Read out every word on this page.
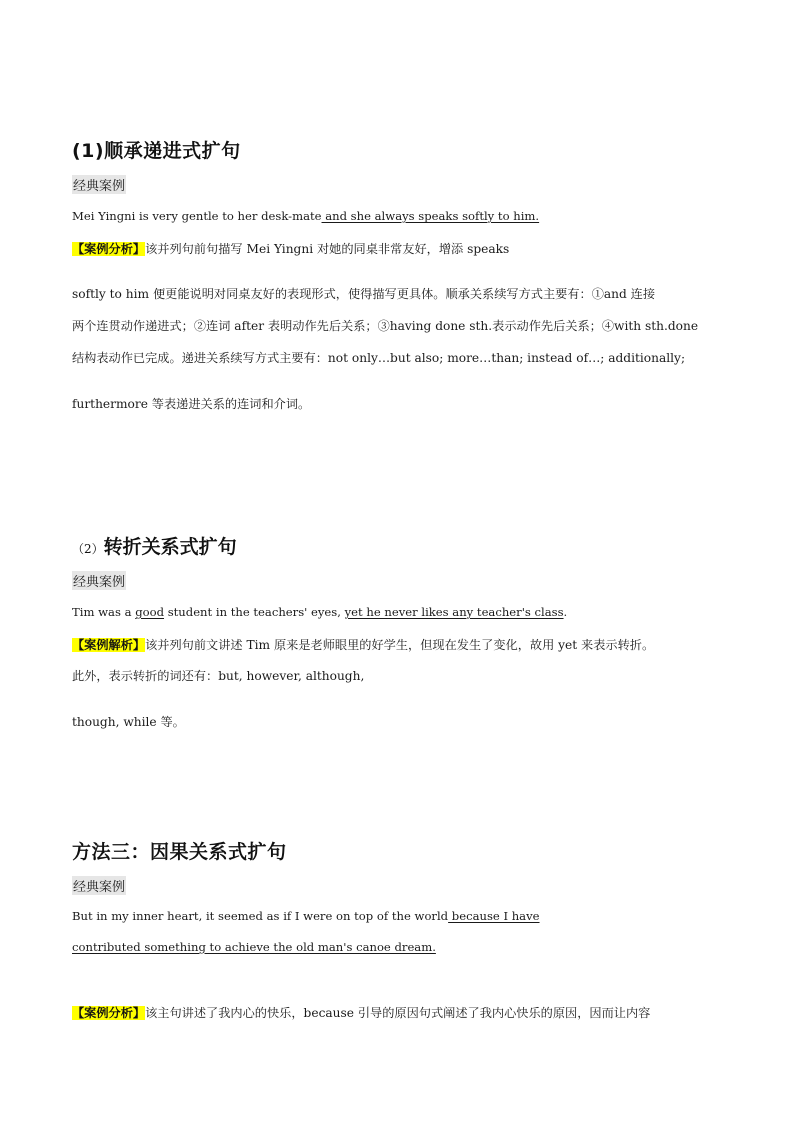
(1)顺承递进式扩句
经典案例
Mei Yingni is very gentle to her desk-mate and she always speaks softly to him.
【案例分析】该并列句前句描写 Mei Yingni 对她的同桌非常友好，增添 speaks
softly to him 便更能说明对同桌友好的表现形式，使得描写更具体。顺承关系续写方式主要有：①and 连接
两个连贯动作递进式；②连词 after 表明动作先后关系；③having done sth.表示动作先后关系；④with sth.done
结构表动作已完成。递进关系续写方式主要有：not only…but also; more…than; instead of…; additionally;
furthermore 等表递进关系的连词和介词。
（2）转折关系式扩句
经典案例
Tim was a good student in the teachers' eyes, yet he never likes any teacher's class.
【案例解析】该并列句前文讲述 Tim 原来是老师眼里的好学生，但现在发生了变化，故用 yet 来表示转折。
此外，表示转折的词还有：but, however, although,
though, while 等。
方法三：因果关系式扩句
经典案例
But in my inner heart, it seemed as if I were on top of the world because I have
contributed something to achieve the old man's canoe dream.
【案例分析】该主句讲述了我内心的快乐，because 引导的原因句式阐述了我内心快乐的原因，因而让内容
